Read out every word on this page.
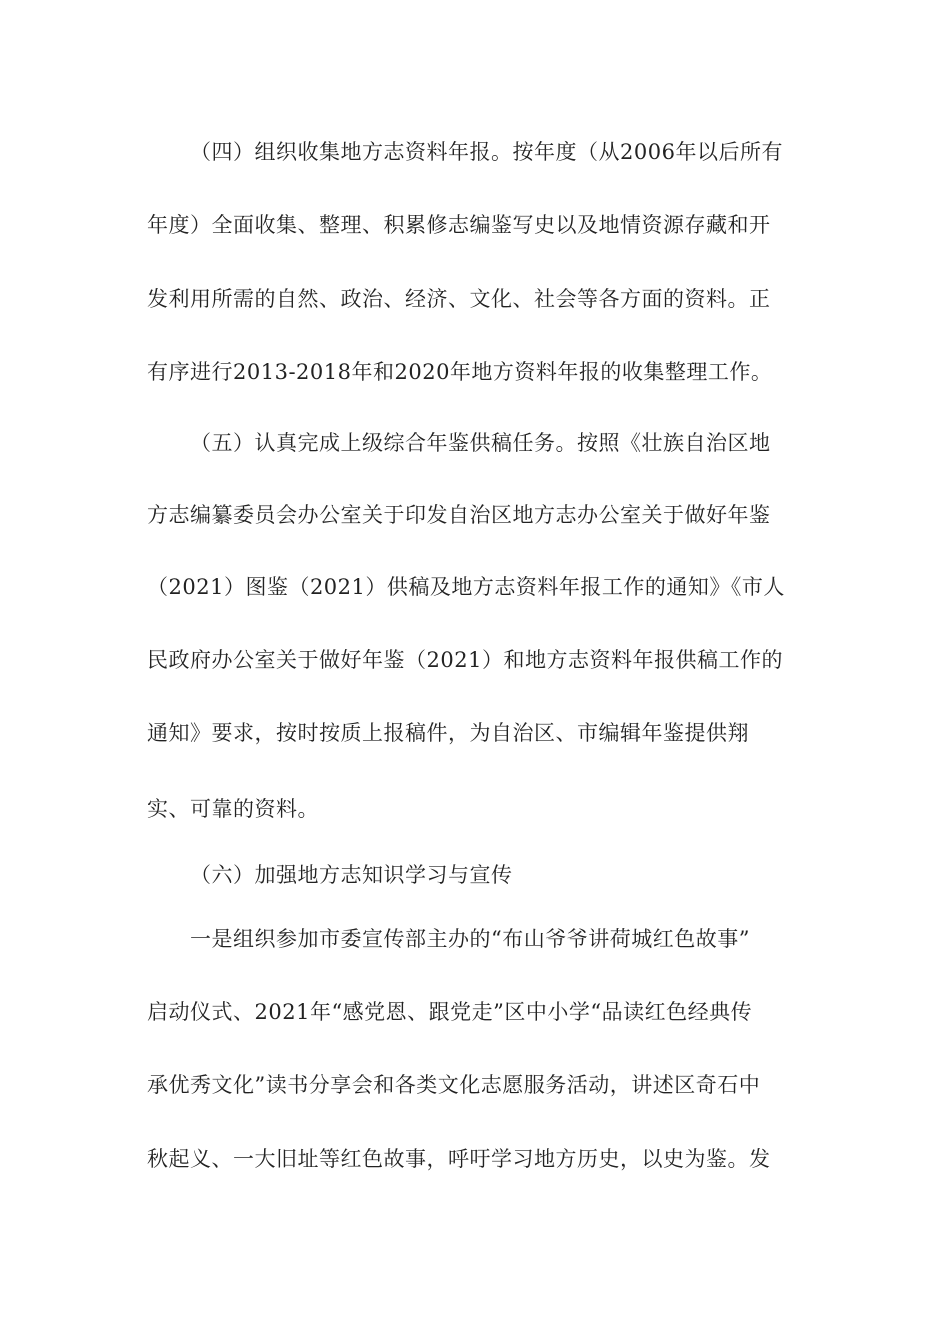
（四）组织收集地方志资料年报。按年度（从2006年以后所有
年度）全面收集、整理、积累修志编鉴写史以及地情资源存藏和开
发利用所需的自然、政治、经济、文化、社会等各方面的资料。正
有序进行2013-2018年和2020年地方资料年报的收集整理工作。
（五）认真完成上级综合年鉴供稿任务。按照《壮族自治区地
方志编纂委员会办公室关于印发自治区地方志办公室关于做好年鉴
（2021）图鉴（2021）供稿及地方志资料年报工作的通知》《市人
民政府办公室关于做好年鉴（2021）和地方志资料年报供稿工作的
通知》要求，按时按质上报稿件，为自治区、市编辑年鉴提供翔
实、可靠的资料。
（六）加强地方志知识学习与宣传
一是组织参加市委宣传部主办的“布山爷爷讲荷城红色故事”
启动仪式、2021年“感党恩、跟党走”区中小学“品读红色经典传
承优秀文化”读书分享会和各类文化志愿服务活动，讲述区奇石中
秋起义、一大旧址等红色故事，呼吁学习地方历史，以史为鉴。发
